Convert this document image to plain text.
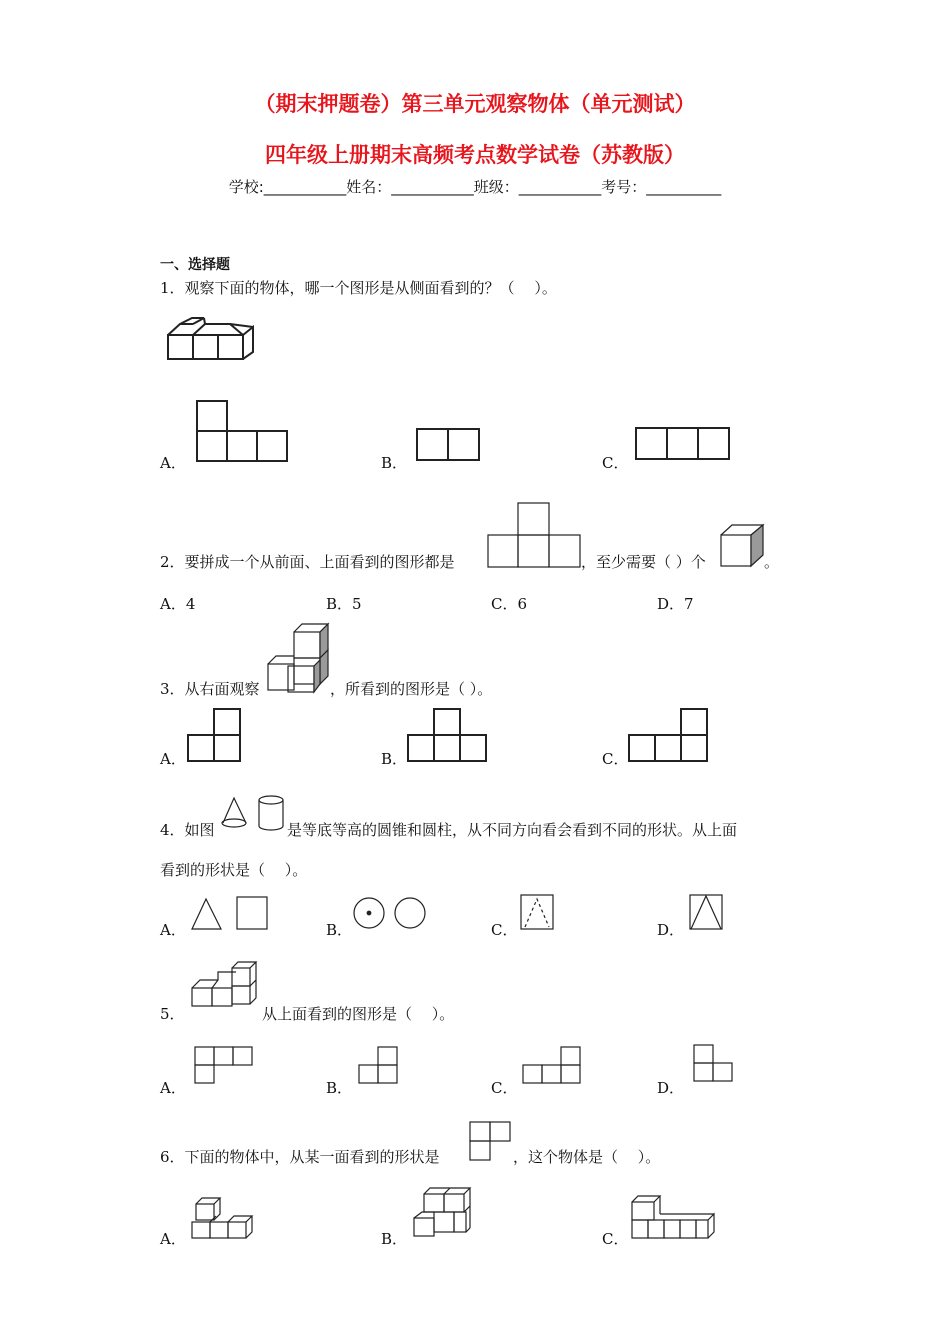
（期末押题卷）第三单元观察物体（单元测试）
四年级上册期末高频考点数学试卷（苏教版）
学校:___________姓名：___________班级：___________考号：__________
一、选择题
1．观察下面的物体，哪一个图形是从侧面看到的？（　 ）。
A．	B．	C．
2．要拼成一个从前面、上面看到的图形都是	，至少需要（ ）个	。
A．4	B．5	C．6	D．7
3．从右面观察	，所看到的图形是（ ）。
A．	B．	C．
4．如图	是等底等高的圆锥和圆柱，从不同方向看会看到不同的形状。从上面
看到的形状是（　 ）。
A．	B．	C．	D．
5．	从上面看到的图形是（　 ）。
A．	B．	C．	D．
6．下面的物体中，从某一面看到的形状是	，这个物体是（　 ）。
A．	B．	C．
